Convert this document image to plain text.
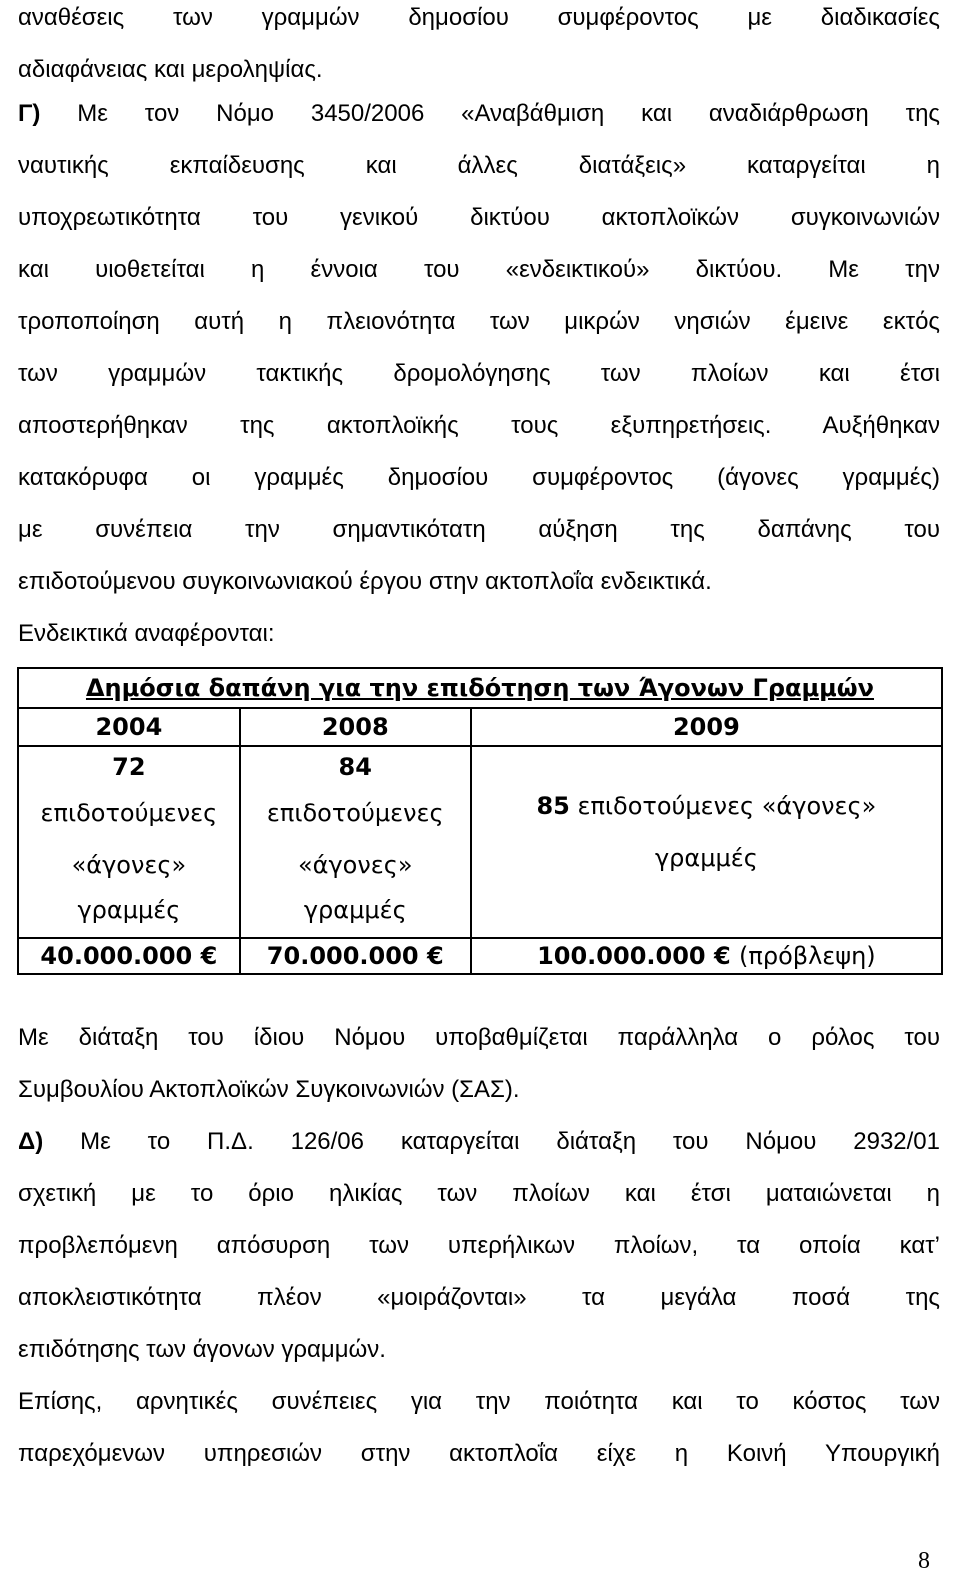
αναθέσεις των γραμμών δημοσίου συμφέροντος με διαδικασίες
αδιαφάνειας και μεροληψίας.

Γ) Με τον Νόμο 3450/2006 «Αναβάθμιση και αναδιάρθρωση της
ναυτικής εκπαίδευσης και άλλες διατάξεις» καταργείται η
υποχρεωτικότητα του γενικού δικτύου ακτοπλοϊκών συγκοινωνιών
και υιοθετείται η έννοια του «ενδεικτικού» δικτύου. Με την
τροποποίηση αυτή η πλειονότητα των μικρών νησιών έμεινε εκτός
των γραμμών τακτικής δρομολόγησης των πλοίων και έτσι
αποστερήθηκαν της ακτοπλοϊκής τους εξυπηρετήσεις. Αυξήθηκαν
κατακόρυφα οι γραμμές δημοσίου συμφέροντος (άγονες γραμμές)
με συνέπεια την σημαντικότατη αύξηση της δαπάνης του
επιδοτούμενου συγκοινωνιακού έργου στην ακτοπλοΐα ενδεικτικά.
Ενδεικτικά αναφέρονται:

Δημόσια δαπάνη για την επιδότηση των Άγονων Γραμμών		
2004	2008	2009

72
επιδοτούμενες
«άγονες»
γραμμές	84
επιδοτούμενες
«άγονες»
γραμμές	85 επιδοτούμενες «άγονες»
γραμμές

40.000.000 €	70.000.000 €	100.000.000 € (πρόβλεψη)

Με διάταξη του ίδιου Νόμου υποβαθμίζεται παράλληλα ο ρόλος του
Συμβουλίου Ακτοπλοϊκών Συγκοινωνιών (ΣΑΣ).

Δ) Με το Π.Δ. 126/06 καταργείται διάταξη του Νόμου 2932/01
σχετική με το όριο ηλικίας των πλοίων και έτσι ματαιώνεται η
προβλεπόμενη απόσυρση των υπερήλικων πλοίων, τα οποία κατ’
αποκλειστικότητα πλέον «μοιράζονται» τα μεγάλα ποσά της
επιδότησης των άγονων γραμμών.

Επίσης, αρνητικές συνέπειες για την ποιότητα και το κόστος των
παρεχόμενων υπηρεσιών στην ακτοπλοΐα είχε η Κοινή Υπουργική

8
